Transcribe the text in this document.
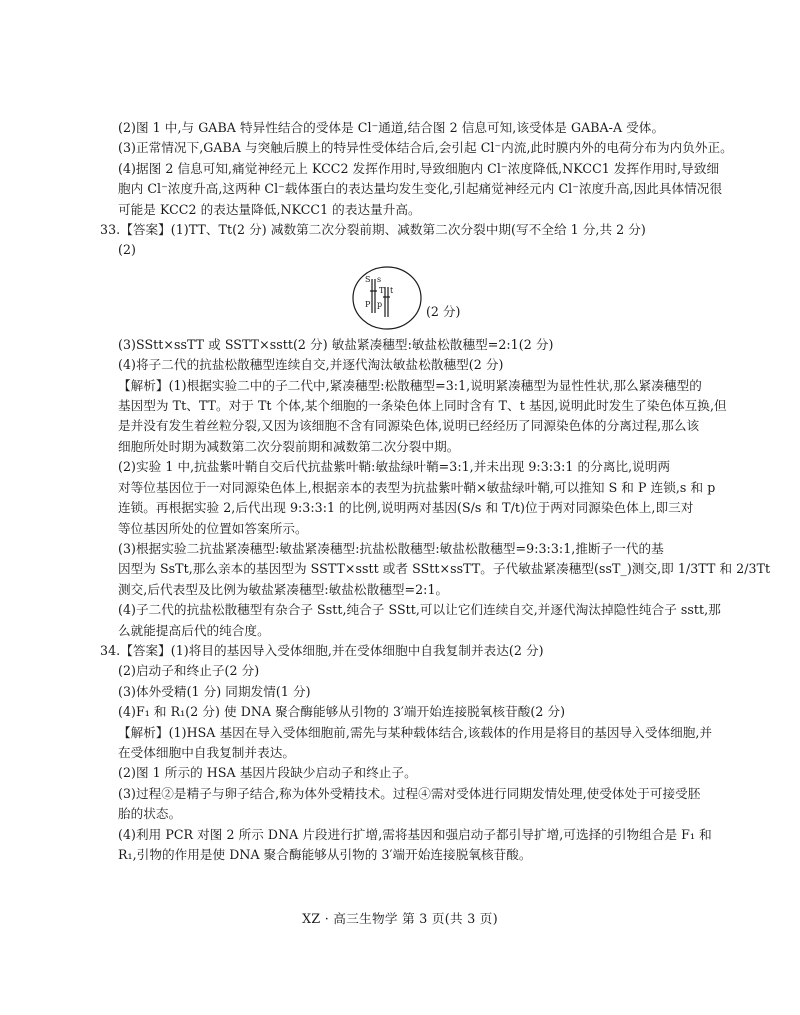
(2)图 1 中,与 GABA 特异性结合的受体是 Cl⁻通道,结合图 2 信息可知,该受体是 GABA-A 受体。
(3)正常情况下,GABA 与突触后膜上的特异性受体结合后,会引起 Cl⁻内流,此时膜内外的电荷分布为内负外正。
(4)据图 2 信息可知,痛觉神经元上 KCC2 发挥作用时,导致细胞内 Cl⁻浓度降低,NKCC1 发挥作用时,导致细
胞内 Cl⁻浓度升高,这两种 Cl⁻载体蛋白的表达量均发生变化,引起痛觉神经元内 Cl⁻浓度升高,因此具体情况很
可能是 KCC2 的表达量降低,NKCC1 的表达量升高。
33.【答案】(1)TT、Tt(2 分) 减数第二次分裂前期、减数第二次分裂中期(写不全给 1 分,共 2 分)
(2)
S s
T t
P p	(2 分)
(3)SStt×ssTT 或 SSTT×sstt(2 分) 敏盐紧凑穗型:敏盐松散穗型=2:1(2 分)
(4)将子二代的抗盐松散穗型连续自交,并逐代淘汰敏盐松散穗型(2 分)
【解析】(1)根据实验二中的子二代中,紧凑穗型:松散穗型=3:1,说明紧凑穗型为显性性状,那么紧凑穗型的
基因型为 Tt、TT。对于 Tt 个体,某个细胞的一条染色体上同时含有 T、t 基因,说明此时发生了染色体互换,但
是并没有发生着丝粒分裂,又因为该细胞不含有同源染色体,说明已经经历了同源染色体的分离过程,那么该
细胞所处时期为减数第二次分裂前期和减数第二次分裂中期。
(2)实验 1 中,抗盐紫叶鞘自交后代抗盐紫叶鞘:敏盐绿叶鞘=3:1,并未出现 9:3:3:1 的分离比,说明两
对等位基因位于一对同源染色体上,根据亲本的表型为抗盐紫叶鞘×敏盐绿叶鞘,可以推知 S 和 P 连锁,s 和 p
连锁。再根据实验 2,后代出现 9:3:3:1 的比例,说明两对基因(S/s 和 T/t)位于两对同源染色体上,即三对
等位基因所处的位置如答案所示。
(3)根据实验二抗盐紧凑穗型:敏盐紧凑穗型:抗盐松散穗型:敏盐松散穗型=9:3:3:1,推断子一代的基
因型为 SsTt,那么亲本的基因型为 SSTT×sstt 或者 SStt×ssTT。子代敏盐紧凑穗型(ssT_)测交,即 1/3TT 和 2/3Tt
测交,后代表型及比例为敏盐紧凑穗型:敏盐松散穗型=2:1。
(4)子二代的抗盐松散穗型有杂合子 Sstt,纯合子 SStt,可以让它们连续自交,并逐代淘汰掉隐性纯合子 sstt,那
么就能提高后代的纯合度。
34.【答案】(1)将目的基因导入受体细胞,并在受体细胞中自我复制并表达(2 分)
(2)启动子和终止子(2 分)
(3)体外受精(1 分) 同期发情(1 分)
(4)F₁ 和 R₁(2 分) 使 DNA 聚合酶能够从引物的 3′端开始连接脱氧核苷酸(2 分)
【解析】(1)HSA 基因在导入受体细胞前,需先与某种载体结合,该载体的作用是将目的基因导入受体细胞,并
在受体细胞中自我复制并表达。
(2)图 1 所示的 HSA 基因片段缺少启动子和终止子。
(3)过程②是精子与卵子结合,称为体外受精技术。过程④需对受体进行同期发情处理,使受体处于可接受胚
胎的状态。
(4)利用 PCR 对图 2 所示 DNA 片段进行扩增,需将基因和强启动子都引导扩增,可选择的引物组合是 F₁ 和
R₁,引物的作用是使 DNA 聚合酶能够从引物的 3′端开始连接脱氧核苷酸。
XZ · 高三生物学 第 3 页(共 3 页)
